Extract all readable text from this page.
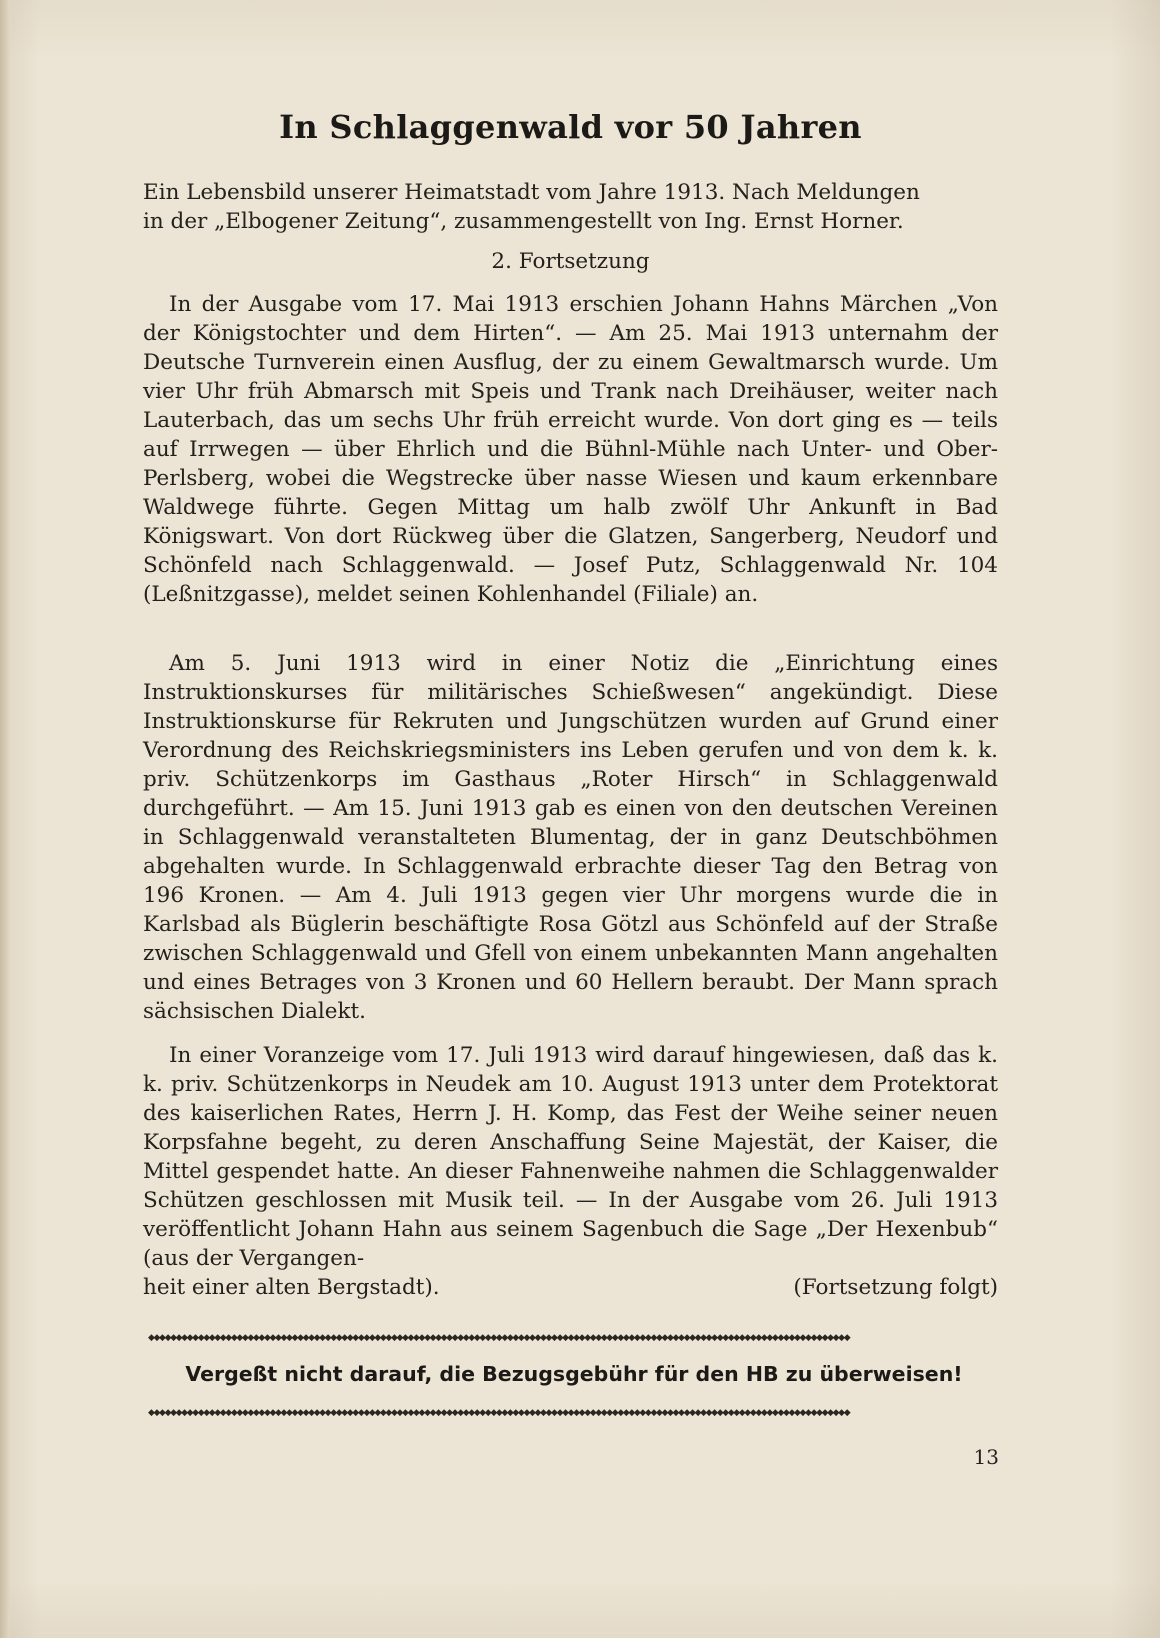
In Schlaggenwald vor 50 Jahren

Ein Lebensbild unserer Heimatstadt vom Jahre 1913. Nach Meldungen

in der „Elbogener Zeitung“, zusammengestellt von Ing. Ernst Horner.

2. Fortsetzung

In der Ausgabe vom 17. Mai 1913 erschien Johann Hahns Märchen „Von der Königstochter und dem Hirten“. — Am 25. Mai 1913 unternahm der Deutsche Turnverein einen Ausflug, der zu einem Gewaltmarsch wurde. Um vier Uhr früh Abmarsch mit Speis und Trank nach Dreihäuser, weiter nach Lauterbach, das um sechs Uhr früh erreicht wurde. Von dort ging es — teils auf Irrwegen — über Ehrlich und die Bühnl-Mühle nach Unter- und Ober-Perlsberg, wobei die Wegstrecke über nasse Wiesen und kaum erkennbare Waldwege führte. Gegen Mittag um halb zwölf Uhr Ankunft in Bad Königswart. Von dort Rückweg über die Glatzen, Sangerberg, Neudorf und Schönfeld nach Schlaggenwald. — Josef Putz, Schlaggenwald Nr. 104 (Leßnitzgasse), meldet seinen Kohlenhandel (Filiale) an.

Am 5. Juni 1913 wird in einer Notiz die „Einrichtung eines Instruktionskurses für militärisches Schießwesen“ angekündigt. Diese Instruktionskurse für Rekruten und Jungschützen wurden auf Grund einer Verordnung des Reichskriegsministers ins Leben gerufen und von dem k. k. priv. Schützenkorps im Gasthaus „Roter Hirsch“ in Schlaggenwald durchgeführt. — Am 15. Juni 1913 gab es einen von den deutschen Vereinen in Schlaggenwald veranstalteten Blumentag, der in ganz Deutschböhmen abgehalten wurde. In Schlaggenwald erbrachte dieser Tag den Betrag von 196 Kronen. — Am 4. Juli 1913 gegen vier Uhr morgens wurde die in Karlsbad als Büglerin beschäftigte Rosa Götzl aus Schönfeld auf der Straße zwischen Schlaggenwald und Gfell von einem unbekannten Mann angehalten und eines Betrages von 3 Kronen und 60 Hellern beraubt. Der Mann sprach sächsischen Dialekt.

In einer Voranzeige vom 17. Juli 1913 wird darauf hingewiesen, daß das k. k. priv. Schützenkorps in Neudek am 10. August 1913 unter dem Protektorat des kaiserlichen Rates, Herrn J. H. Komp, das Fest der Weihe seiner neuen Korpsfahne begeht, zu deren Anschaffung Seine Majestät, der Kaiser, die Mittel gespendet hatte. An dieser Fahnenweihe nahmen die Schlaggenwalder Schützen geschlossen mit Musik teil. — In der Ausgabe vom 26. Juli 1913 veröffentlicht Johann Hahn aus seinem Sagenbuch die Sage „Der Hexenbub“ (aus der Vergangen-

heit einer alten Bergstadt).	(Fortsetzung folgt)
◆◆◆◆◆◆◆◆◆◆◆◆◆◆◆◆◆◆◆◆◆◆◆◆◆◆◆◆◆◆◆◆◆◆◆◆◆◆◆◆◆◆◆◆◆◆◆◆◆◆◆◆◆◆◆◆◆◆◆◆◆◆◆◆◆◆◆◆◆◆◆◆◆◆◆◆◆◆◆◆◆◆◆◆◆◆◆◆◆◆◆◆◆◆◆◆◆◆◆◆◆◆◆◆◆◆◆◆◆◆◆◆◆◆◆◆◆◆◆◆◆◆◆◆◆◆◆

Vergeßt nicht darauf, die Bezugsgebühr für den HB zu überweisen!

◆◆◆◆◆◆◆◆◆◆◆◆◆◆◆◆◆◆◆◆◆◆◆◆◆◆◆◆◆◆◆◆◆◆◆◆◆◆◆◆◆◆◆◆◆◆◆◆◆◆◆◆◆◆◆◆◆◆◆◆◆◆◆◆◆◆◆◆◆◆◆◆◆◆◆◆◆◆◆◆◆◆◆◆◆◆◆◆◆◆◆◆◆◆◆◆◆◆◆◆◆◆◆◆◆◆◆◆◆◆◆◆◆◆◆◆◆◆◆◆◆◆◆◆◆◆◆
13
